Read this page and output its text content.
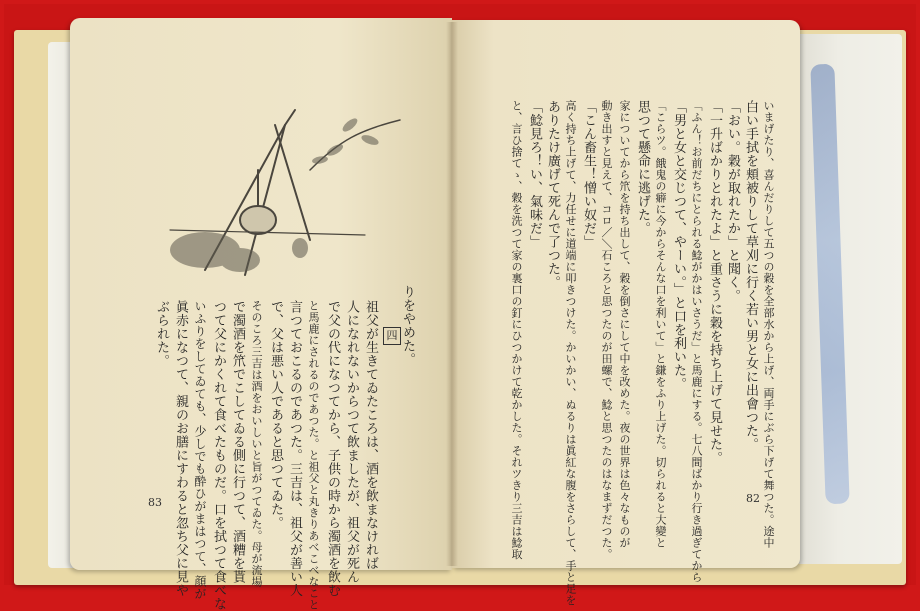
りをやめた。
四
祖父が生きてゐたころは、酒を飲まなければ
人になれないからつて飲ましたが、祖父が死ん
で父の代になつてから、子供の時から濁酒を飲む
と馬鹿にされるのであつた。と祖父と丸きりあべこべなこと
言つておこるのであつた。三吉は、祖父が善い人
で、父は悪い人であると思つてゐた。
そのころ三吉は酒をおいしいと旨がつてゐた。母が流場
で濁酒を笊でこしてゐる側に行つて、酒糟を貰
つて父にかくれて食べたものだ。口を拭つて食べな
いふりをしてゐても、少しでも酔ひがまはつて、顔が
眞赤になつて、親のお膳にすわると忽ち父に見や
ぶられた。
83	いまげたり、喜んだりして五つの穀を全部水から上げ、両手にぶら下げて舞つた。途中
白い手拭を頬被りして草刈に行く若い男と女に出會つた。
「おい。穀が取れたか」と聞く。
「一升ばかりとれたよ」と重さうに穀を持ち上げて見せた。
「ふん！お前だちにとられる鯰がかはいさうだ」と馬鹿にする。七八間ばかり行き過ぎてから
「男と女と交じつて、やーい。」と口を利いた。
「こらツ。餓鬼の癖に今からそんな口を利いて」と鎌をふり上げた。切られると大變と
思つて懸命に逃げた。
家についてから笊を持ち出して、穀を倒さにして中を改めた。夜の世界は色々なものが
動き出すと見えて、コロ／＼石ころと思つたのが田螺で、鯰と思つたのはなまずだつた。
「こん畜生！憎い奴だ」
高く持ち上げて、力任せに道端に叩きつけた。かいかい、ぬるりは眞紅な腹をさらして、手と足を
ありたけ廣げて死んで了つた。
「鯰見ろ！い、氣味だ」
と、言ひ捨てゝ、穀を洗つて家の裏口の釘にひつかけて乾かした。それツきり三吉は鯰取	82
